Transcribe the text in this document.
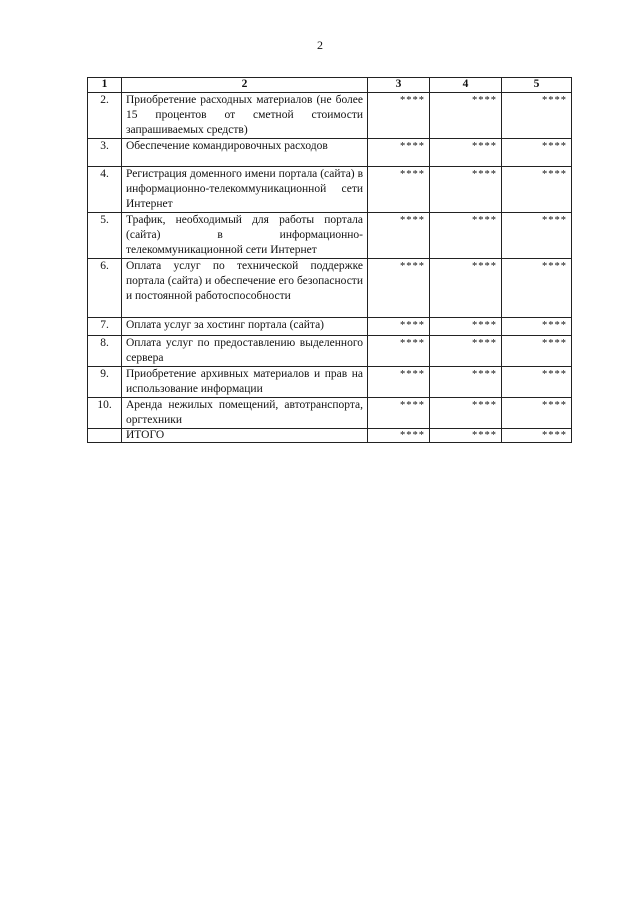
2
1	2	3	4	5
2.	Приобретение расходных материалов (не более 15 процентов от сметной стоимости запрашиваемых средств)	****	****	****
3.	Обеспечение командировочных расходов	****	****	****
4.	Регистрация доменного имени портала (сайта) в информационно-телекоммуникационной сети Интернет	****	****	****
5.	Трафик, необходимый для работы портала (сайта) в информационно-телекоммуникационной сети Интернет	****	****	****
6.	Оплата услуг по технической поддержке портала (сайта) и обеспечение его безопасности и постоянной работоспособности	****	****	****
7.	Оплата услуг за хостинг портала (сайта)	****	****	****
8.	Оплата услуг по предоставлению выделенного сервера	****	****	****
9.	Приобретение архивных материалов и прав на использование информации	****	****	****
10.	Аренда нежилых помещений, автотранспорта, оргтехники	****	****	****
	ИТОГО	****	****	****
